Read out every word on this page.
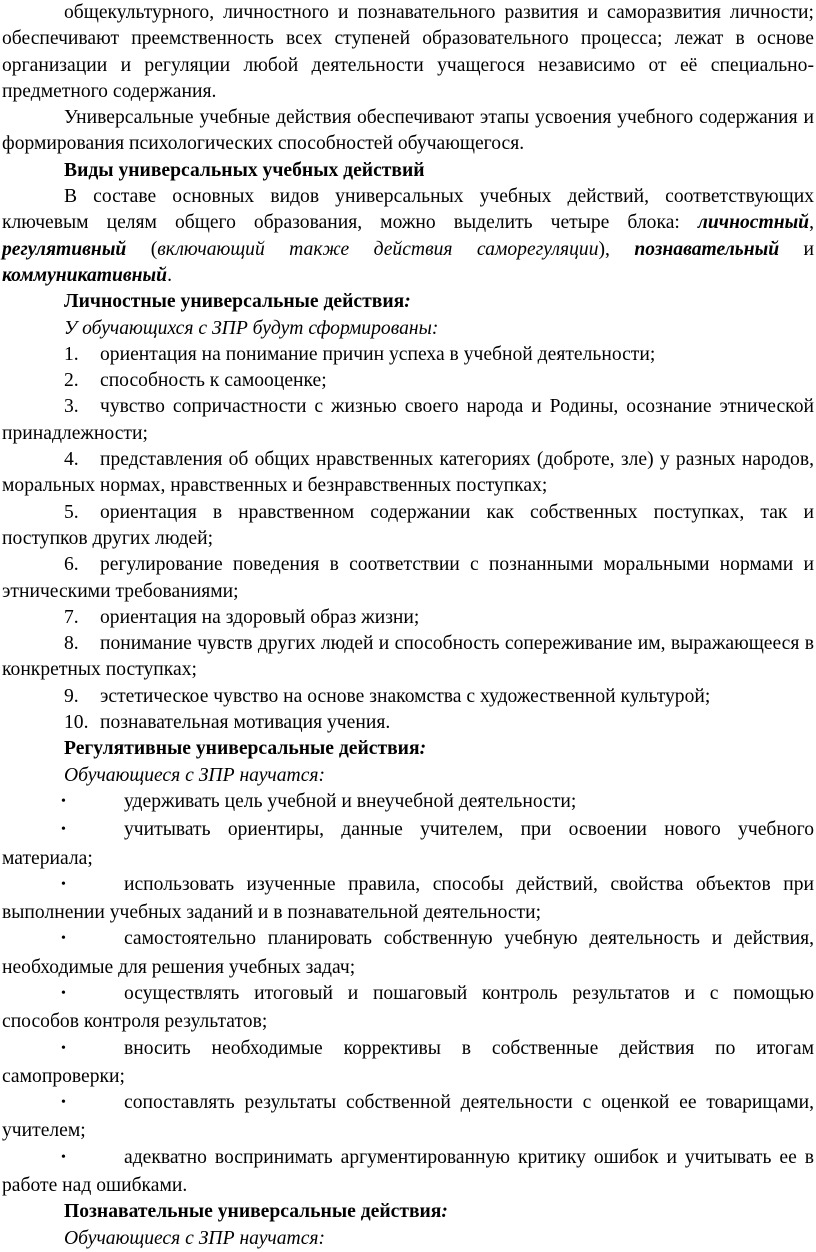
общекультурного, личностного и познавательного развития и саморазвития личности; обеспечивают преемственность всех ступеней образовательного процесса; лежат в основе организации и регуляции любой деятельности учащегося независимо от её специально-предметного содержания.

Универсальные учебные действия обеспечивают этапы усвоения учебного содержания и формирования психологических способностей обучающегося.

Виды универсальных учебных действий

В составе основных видов универсальных учебных действий, соответствующих ключевым целям общего образования, можно выделить четыре блока: личностный, регулятивный (включающий также действия саморегуляции), познавательный и коммуникативный.

Личностные универсальные действия:

У обучающихся с ЗПР будут сформированы:

1. ориентация на понимание причин успеха в учебной деятельности;
2. способность к самооценке;
3. чувство сопричастности с жизнью своего народа и Родины, осознание этнической принадлежности;
4. представления об общих нравственных категориях (доброте, зле) у разных народов, моральных нормах, нравственных и безнравственных поступках;
5. ориентация в нравственном содержании как собственных поступках, так и поступков других людей;
6. регулирование поведения в соответствии с познанными моральными нормами и этническими требованиями;
7. ориентация на здоровый образ жизни;
8. понимание чувств других людей и способность сопереживание им, выражающееся в конкретных поступках;
9. эстетическое чувство на основе знакомства с художественной культурой;
10. познавательная мотивация учения.

Регулятивные универсальные действия:

Обучающиеся с ЗПР научатся:

•удерживать цель учебной и внеучебной деятельности;
•учитывать ориентиры, данные учителем, при освоении нового учебного материала;
•использовать изученные правила, способы действий, свойства объектов при выполнении учебных заданий и в познавательной деятельности;
•самостоятельно планировать собственную учебную деятельность и действия, необходимые для решения учебных задач;
•осуществлять итоговый и пошаговый контроль результатов и с помощью способов контроля результатов;
•вносить необходимые коррективы в собственные действия по итогам самопроверки;
•сопоставлять результаты собственной деятельности с оценкой ее товарищами, учителем;
•адекватно воспринимать аргументированную критику ошибок и учитывать ее в работе над ошибками.

Познавательные универсальные действия:

Обучающиеся с ЗПР научатся:
